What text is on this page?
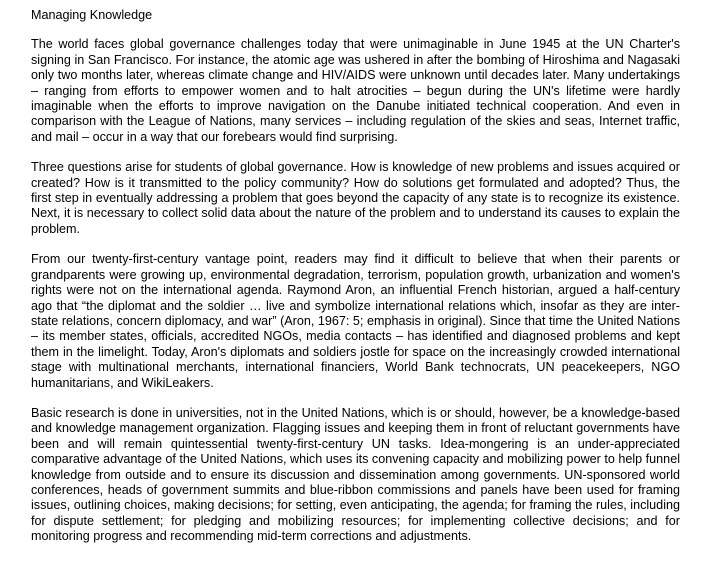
Managing Knowledge

The world faces global governance challenges today that were unimaginable in June 1945 at the UN Charter's signing in San Francisco. For instance, the atomic age was ushered in after the bombing of Hiroshima and Nagasaki only two months later, whereas climate change and HIV/AIDS were unknown until decades later. Many undertakings – ranging from efforts to empower women and to halt atrocities – begun during the UN's lifetime were hardly imaginable when the efforts to improve navigation on the Danube initiated technical cooperation. And even in comparison with the League of Nations, many services – including regulation of the skies and seas, Internet traffic, and mail – occur in a way that our forebears would find surprising.

Three questions arise for students of global governance. How is knowledge of new problems and issues acquired or created? How is it transmitted to the policy community? How do solutions get formulated and adopted? Thus, the first step in eventually addressing a problem that goes beyond the capacity of any state is to recognize its existence. Next, it is necessary to collect solid data about the nature of the problem and to understand its causes to explain the problem.

From our twenty-first-century vantage point, readers may find it difficult to believe that when their parents or grandparents were growing up, environmental degradation, terrorism, population growth, urbanization and women's rights were not on the international agenda. Raymond Aron, an influential French historian, argued a half-century ago that “the diplomat and the soldier … live and symbolize international relations which, insofar as they are inter-state relations, concern diplomacy, and war” (Aron, 1967: 5; emphasis in original). Since that time the United Nations – its member states, officials, accredited NGOs, media contacts – has identified and diagnosed problems and kept them in the limelight. Today, Aron's diplomats and soldiers jostle for space on the increasingly crowded international stage with multinational merchants, international financiers, World Bank technocrats, UN peacekeepers, NGO humanitarians, and WikiLeakers.

Basic research is done in universities, not in the United Nations, which is or should, however, be a knowledge-based and knowledge management organization. Flagging issues and keeping them in front of reluctant governments have been and will remain quintessential twenty-first-century UN tasks. Idea-mongering is an under-appreciated comparative advantage of the United Nations, which uses its convening capacity and mobilizing power to help funnel knowledge from outside and to ensure its discussion and dissemination among governments. UN-sponsored world conferences, heads of government summits and blue-ribbon commissions and panels have been used for framing issues, outlining choices, making decisions; for setting, even anticipating, the agenda; for framing the rules, including for dispute settlement; for pledging and mobilizing resources; for implementing collective decisions; and for monitoring progress and recommending mid-term corrections and adjustments.
